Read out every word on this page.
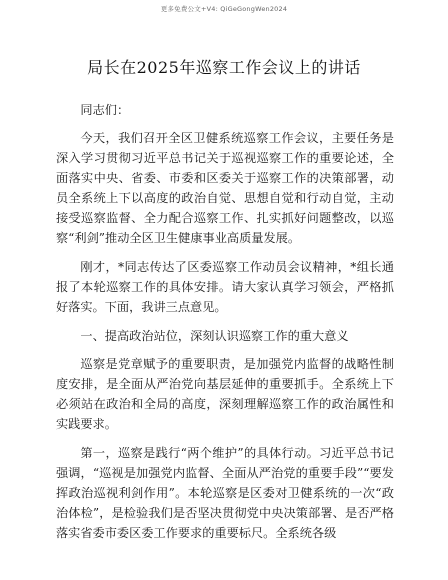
更多免费公文+V4: QiGeGongWen2024
局长在2025年巡察工作会议上的讲话

同志们：

今天，我们召开全区卫健系统巡察工作会议，主要任务是深入学习贯彻习近平总书记关于巡视巡察工作的重要论述，全面落实中央、省委、市委和区委关于巡察工作的决策部署，动员全系统上下以高度的政治自觉、思想自觉和行动自觉，主动接受巡察监督、全力配合巡察工作、扎实抓好问题整改，以巡察“利剑”推动全区卫生健康事业高质量发展。

刚才，*同志传达了区委巡察工作动员会议精神，*组长通报了本轮巡察工作的具体安排。请大家认真学习领会，严格抓好落实。下面，我讲三点意见。

一、提高政治站位，深刻认识巡察工作的重大意义

巡察是党章赋予的重要职责，是加强党内监督的战略性制度安排，是全面从严治党向基层延伸的重要抓手。全系统上下必须站在政治和全局的高度，深刻理解巡察工作的政治属性和实践要求。

第一，巡察是践行“两个维护”的具体行动。习近平总书记强调，“巡视是加强党内监督、全面从严治党的重要手段”“要发挥政治巡视利剑作用”。本轮巡察是区委对卫健系统的一次“政治体检”，是检验我们是否坚决贯彻党中央决策部署、是否严格落实省委市委区委工作要求的重要标尺。全系统各级
